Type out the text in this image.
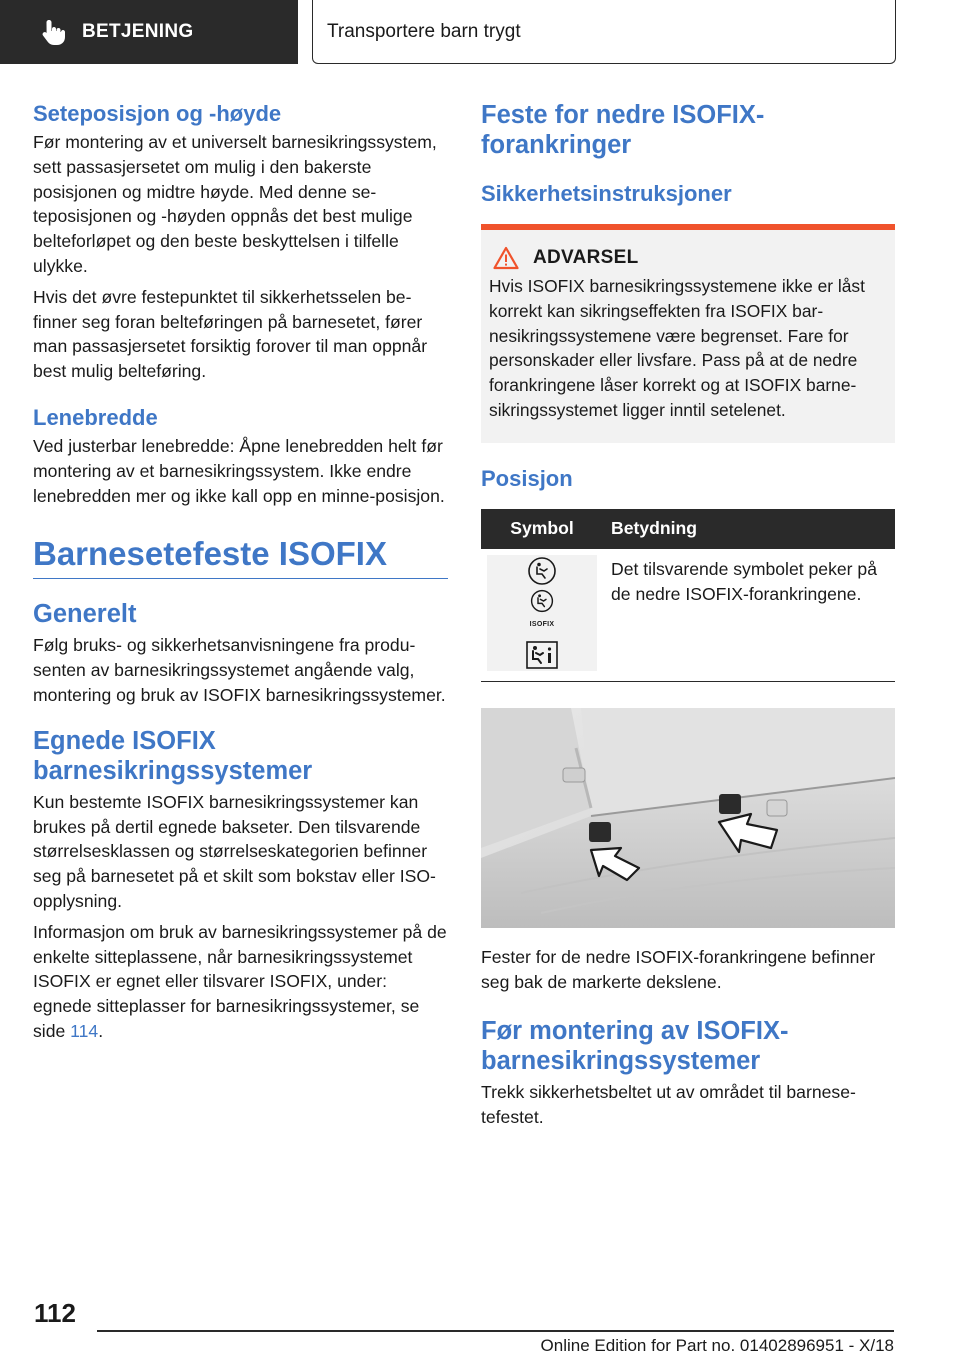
BETJENING	Transportere barn trygt
Seteposisjon og -høyde

Før montering av et universelt barnesikringssystem, sett passasjersetet om mulig i den bakerste posisjonen og midtre høyde. Med denne seteposisjonen og -høyden oppnås det best mulige belteforløpet og den beste beskyttelsen i tilfelle ulykke.

Hvis det øvre festepunktet til sikkerhetsselen befinner seg foran belteføringen på barnesetet, fører man passasjersetet forsiktig forover til man oppnår best mulig belteføring.

Lenebredde

Ved justerbar lenebredde: Åpne lenebredden helt før montering av et barnesikringssystem. Ikke endre lenebredden mer og ikke kall opp en minne-posisjon.

Barnesetefeste ISOFIX
Generelt

Følg bruks- og sikkerhetsanvisningene fra produsenten av barnesikringssystemet angående valg, montering og bruk av ISOFIX barnesikringssystemer.

Egnede ISOFIX barnesikringssystemer

Kun bestemte ISOFIX barnesikringssystemer kan brukes på dertil egnede bakseter. Den tilsvarende størrelsesklassen og størrelseskategorien befinner seg på barnesetet på et skilt som bokstav eller ISO-opplysning.

Informasjon om bruk av barnesikringssystemer på de enkelte sitteplassene, når barnesikringssystemet ISOFIX er egnet eller tilsvarer ISOFIX, under: egnede sitteplasser for barnesikringssystemer, se side 114.

Feste for nedre ISOFIX-forankringer
Sikkerhetsinstruksjoner
ADVARSEL

Hvis ISOFIX barnesikringssystemene ikke er låst korrekt kan sikringseffekten fra ISOFIX barnesikringssystemene være begrenset. Fare for personskader eller livsfare. Pass på at de nedre forankringene låser korrekt og at ISOFIX barnesikringssystemet ligger inntil setelenet.

Posisjon
Symbol	Betydning

ISOFIX	Det tilsvarende symbolet peker på de nedre ISOFIX-forankringene.

Fester for de nedre ISOFIX-forankringene befinner seg bak de markerte dekslene.

Før montering av ISOFIX-barnesikringssystemer

Trekk sikkerhetsbeltet ut av området til barnesetefestet.

112
Online Edition for Part no. 01402896951 - X/18
